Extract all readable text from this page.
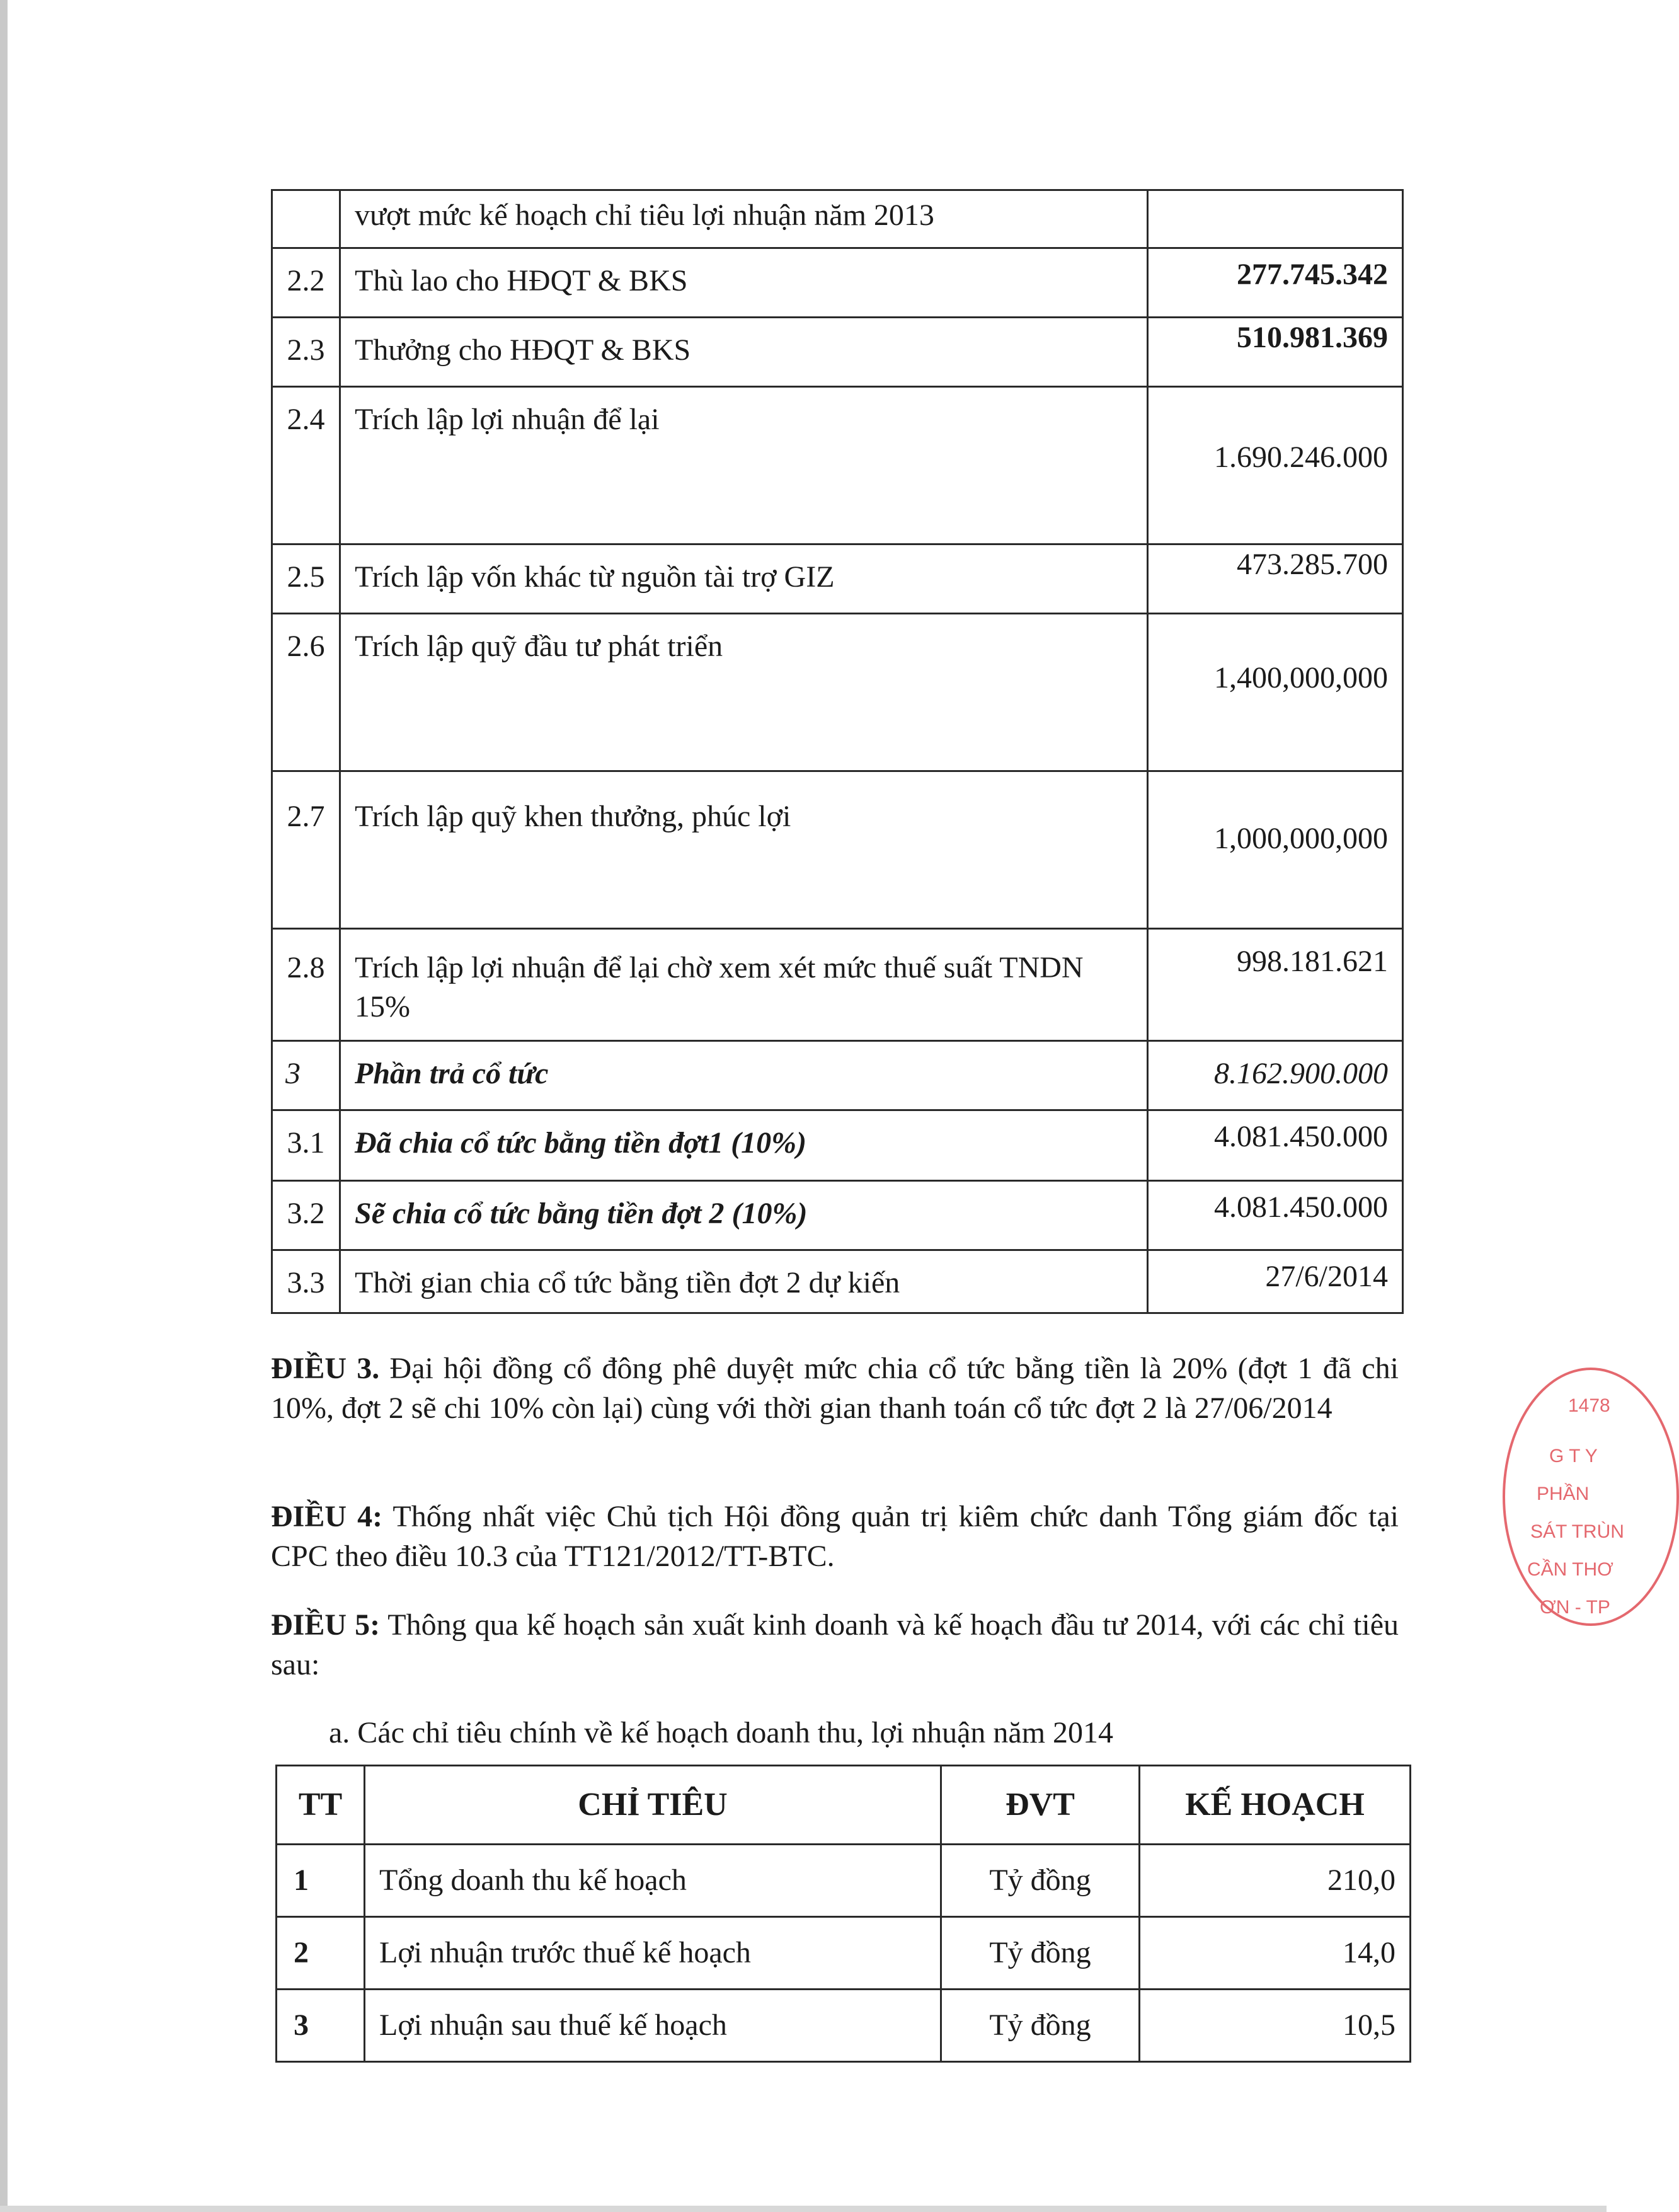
	vượt mức kế hoạch chỉ tiêu lợi nhuận năm 2013	
2.2	Thù lao cho HĐQT & BKS	277.745.342
2.3	Thưởng cho HĐQT & BKS	510.981.369
2.4	Trích lập lợi nhuận để lại	1.690.246.000
2.5	Trích lập vốn khác từ nguồn tài trợ GIZ	473.285.700
2.6	Trích lập quỹ đầu tư phát triển	1,400,000,000
2.7	Trích lập quỹ khen thưởng, phúc lợi	1,000,000,000
2.8	Trích lập lợi nhuận để lại chờ xem xét mức thuế suất TNDN 15%	998.181.621
3	Phần trả cổ tức	8.162.900.000
3.1	Đã chia cổ tức bằng tiền đợt1 (10%)	4.081.450.000
3.2	Sẽ chia cổ tức bằng tiền đợt 2 (10%)	4.081.450.000
3.3	Thời gian chia cổ tức bằng tiền đợt 2 dự kiến	27/6/2014
ĐIỀU 3. Đại hội đồng cổ đông phê duyệt mức chia cổ tức bằng tiền là 20% (đợt 1 đã chi 10%, đợt 2 sẽ chi 10% còn lại) cùng với thời gian thanh toán cổ tức đợt 2 là 27/06/2014
ĐIỀU 4: Thống nhất việc Chủ tịch Hội đồng quản trị kiêm chức danh Tổng giám đốc tại CPC theo điều 10.3 của TT121/2012/TT-BTC.
ĐIỀU 5: Thông qua kế hoạch sản xuất kinh doanh và kế hoạch đầu tư 2014, với các chỉ tiêu sau:
a. Các chỉ tiêu chính về kế hoạch doanh thu, lợi nhuận năm 2014
TT	CHỈ TIÊU	ĐVT	KẾ HOẠCH
1	Tổng doanh thu kế hoạch	Tỷ đồng	210,0
2	Lợi nhuận trước thuế kế hoạch	Tỷ đồng	14,0
3	Lợi nhuận sau thuế kế hoạch	Tỷ đồng	10,5
1478
G T Y
PHẦN
SÁT TRÙN
CẦN THƠ
ƠN - TP
